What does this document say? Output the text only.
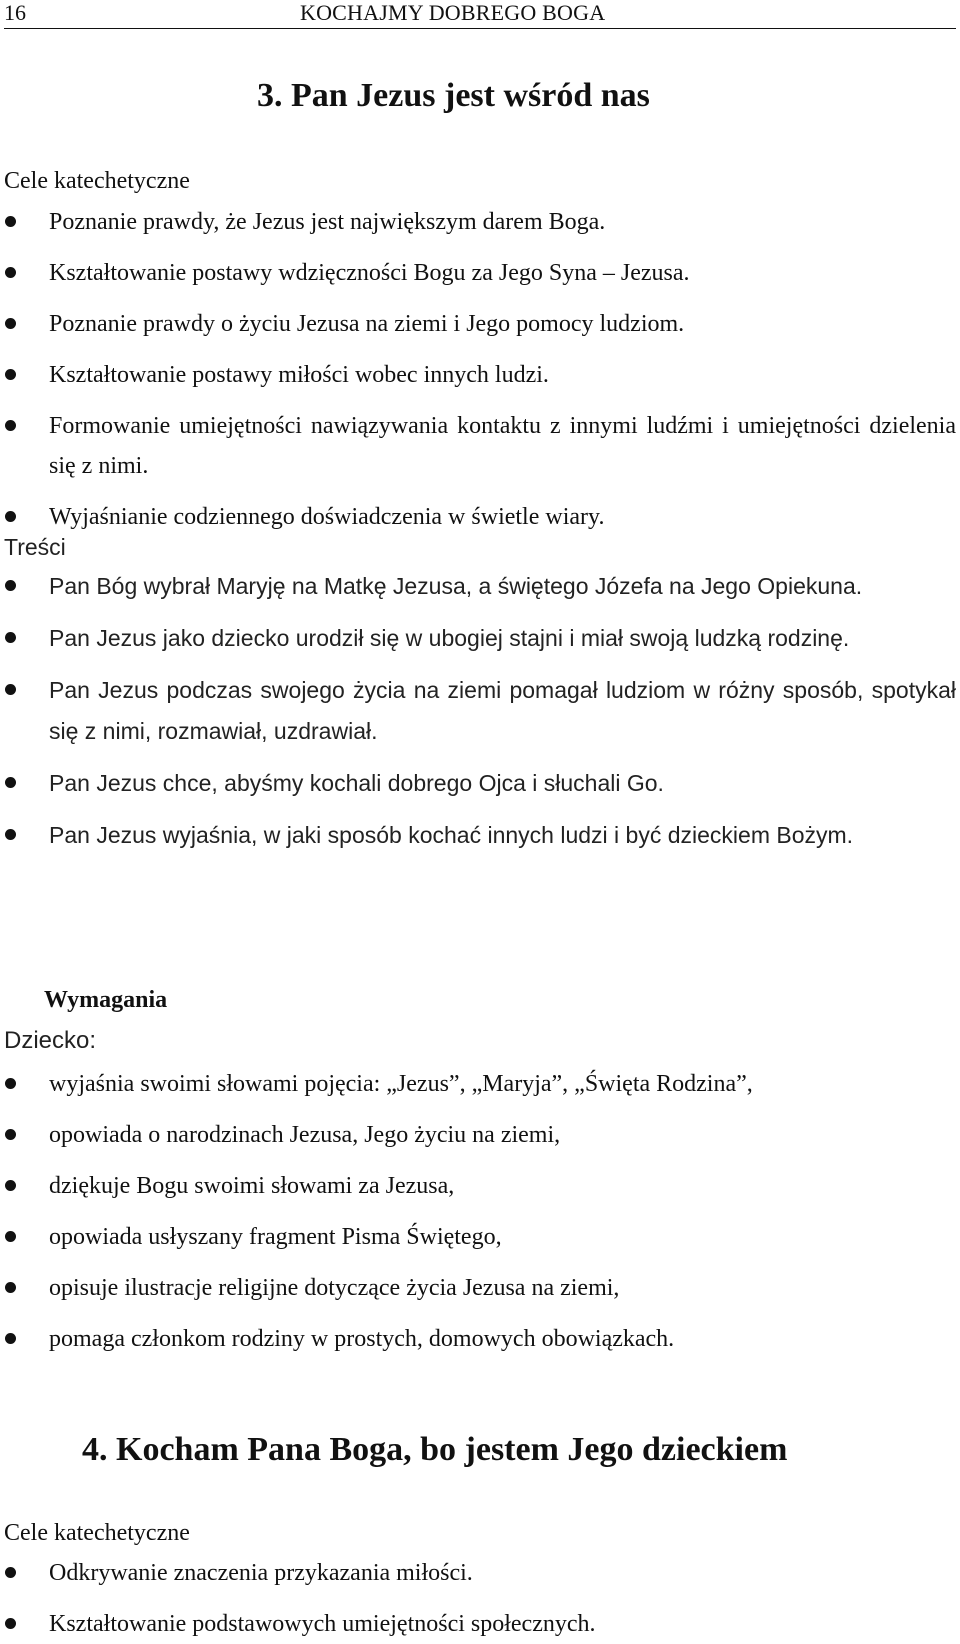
16	KOCHAJMY DOBREGO BOGA
3. Pan Jezus jest wśród nas
Cele katechetyczne
Poznanie prawdy, że Jezus jest największym darem Boga.
Kształtowanie postawy wdzięczności Bogu za Jego Syna – Jezusa.
Poznanie prawdy o życiu Jezusa na ziemi i Jego pomocy ludziom.
Kształtowanie postawy miłości wobec innych ludzi.
Formowanie umiejętności nawiązywania kontaktu z innymi ludźmi i umiejętności dzielenia się z nimi.
Wyjaśnianie codziennego doświadczenia w świetle wiary.
Treści
Pan Bóg wybrał Maryję na Matkę Jezusa, a świętego Józefa na Jego Opiekuna.
Pan Jezus jako dziecko urodził się w ubogiej stajni i miał swoją ludzką rodzinę.
Pan Jezus podczas swojego życia na ziemi pomagał ludziom w różny sposób, spotykał się z nimi, rozmawiał, uzdrawiał.
Pan Jezus chce, abyśmy kochali dobrego Ojca i słuchali Go.
Pan Jezus wyjaśnia, w jaki sposób kochać innych ludzi i być dzieckiem Bożym.
Wymagania
Dziecko:
wyjaśnia swoimi słowami pojęcia: „Jezus”, „Maryja”, „Święta Rodzina”,
opowiada o narodzinach Jezusa, Jego życiu na ziemi,
dziękuje Bogu swoimi słowami za Jezusa,
opowiada usłyszany fragment Pisma Świętego,
opisuje ilustracje religijne dotyczące życia Jezusa na ziemi,
pomaga członkom rodziny w prostych, domowych obowiązkach.
4. Kocham Pana Boga, bo jestem Jego dzieckiem
Cele katechetyczne
Odkrywanie znaczenia przykazania miłości.
Kształtowanie podstawowych umiejętności społecznych.
